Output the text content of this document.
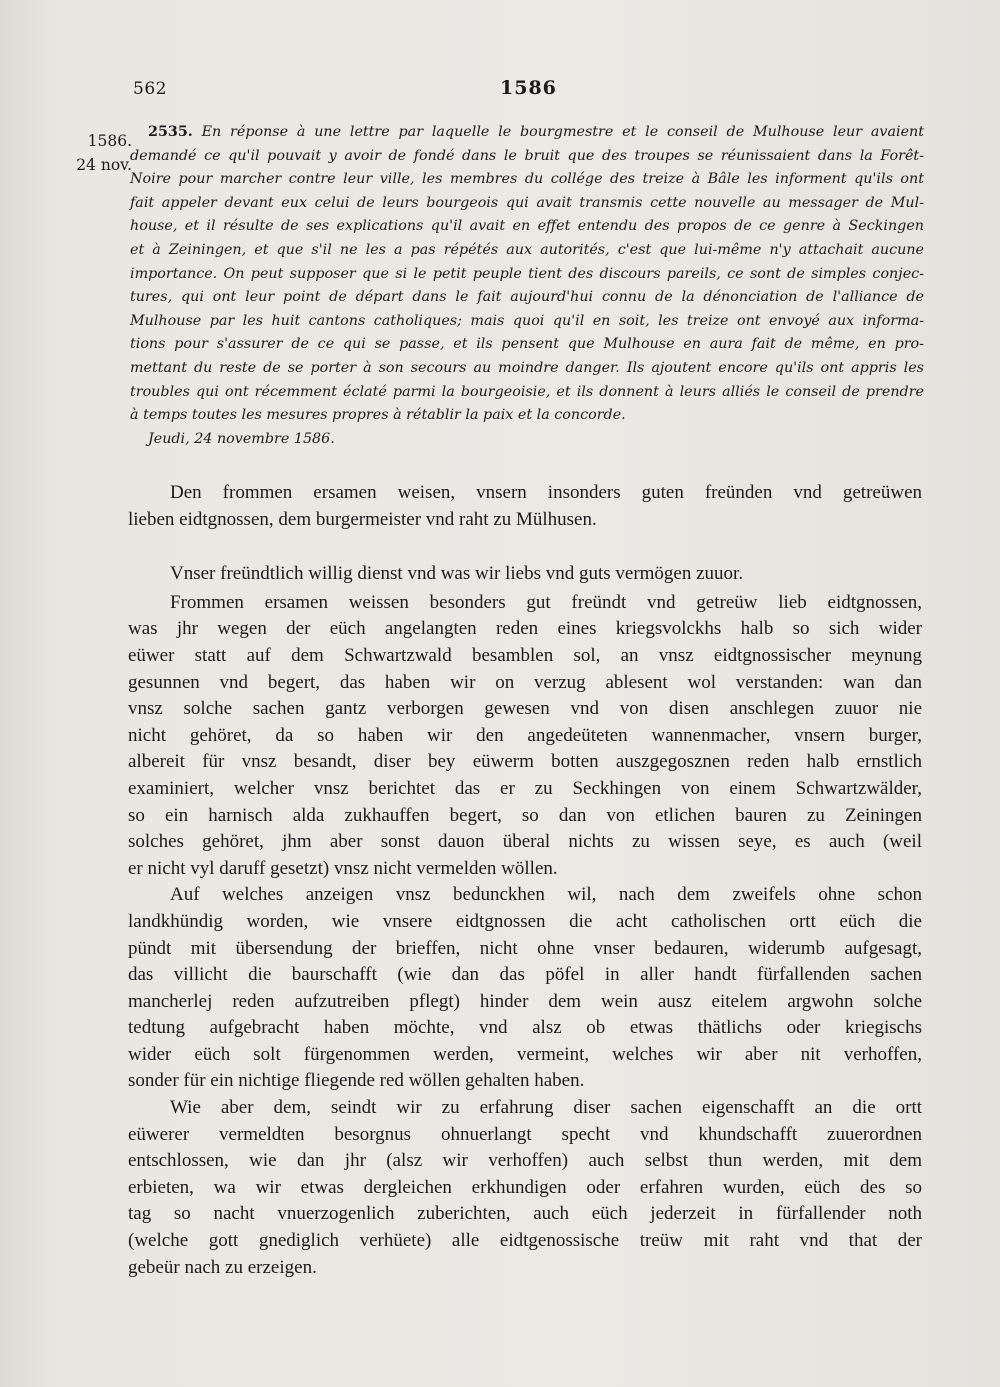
562	1586
1586.
24 nov.
2535. En réponse à une lettre par laquelle le bourgmestre et le conseil de Mulhouse leur avaient
demandé ce qu'il pouvait y avoir de fondé dans le bruit que des troupes se réunissaient dans la Forêt-
Noire pour marcher contre leur ville, les membres du collége des treize à Bâle les informent qu'ils ont
fait appeler devant eux celui de leurs bourgeois qui avait transmis cette nouvelle au messager de Mul-
house, et il résulte de ses explications qu'il avait en effet entendu des propos de ce genre à Seckingen
et à Zeiningen, et que s'il ne les a pas répétés aux autorités, c'est que lui-même n'y attachait aucune
importance. On peut supposer que si le petit peuple tient des discours pareils, ce sont de simples conjec-
tures, qui ont leur point de départ dans le fait aujourd'hui connu de la dénonciation de l'alliance de
Mulhouse par les huit cantons catholiques; mais quoi qu'il en soit, les treize ont envoyé aux informa-
tions pour s'assurer de ce qui se passe, et ils pensent que Mulhouse en aura fait de même, en pro-
mettant du reste de se porter à son secours au moindre danger. Ils ajoutent encore qu'ils ont appris les
troubles qui ont récemment éclaté parmi la bourgeoisie, et ils donnent à leurs alliés le conseil de prendre
à temps toutes les mesures propres à rétablir la paix et la concorde.
Jeudi, 24 novembre 1586.
Den frommen ersamen weisen, vnsern insonders guten freünden vnd getreüwen
lieben eidtgnossen, dem burgermeister vnd raht zu Mülhusen.
Vnser freündtlich willig dienst vnd was wir liebs vnd guts vermögen zuuor.
Frommen ersamen weissen besonders gut freündt vnd getreüw lieb eidtgnossen,
was jhr wegen der eüch angelangten reden eines kriegsvolckhs halb so sich wider
eüwer statt auf dem Schwartzwald besamblen sol, an vnsz eidtgnossischer meynung
gesunnen vnd begert, das haben wir on verzug ablesent wol verstanden: wan dan
vnsz solche sachen gantz verborgen gewesen vnd von disen anschlegen zuuor nie
nicht gehöret, da so haben wir den angedeüteten wannenmacher, vnsern burger,
albereit für vnsz besandt, diser bey eüwerm botten auszgegosznen reden halb ernstlich
examiniert, welcher vnsz berichtet das er zu Seckhingen von einem Schwartzwälder,
so ein harnisch alda zukhauffen begert, so dan von etlichen bauren zu Zeiningen
solches gehöret, jhm aber sonst dauon überal nichts zu wissen seye, es auch (weil
er nicht vyl daruff gesetzt) vnsz nicht vermelden wöllen.
Auf welches anzeigen vnsz bedunckhen wil, nach dem zweifels ohne schon
landkhündig worden, wie vnsere eidtgnossen die acht catholischen ortt eüch die
pündt mit übersendung der brieffen, nicht ohne vnser bedauren, widerumb aufgesagt,
das villicht die baurschafft (wie dan das pöfel in aller handt fürfallenden sachen
mancherlej reden aufzutreiben pflegt) hinder dem wein ausz eitelem argwohn solche
tedtung aufgebracht haben möchte, vnd alsz ob etwas thätlichs oder kriegischs
wider eüch solt fürgenommen werden, vermeint, welches wir aber nit verhoffen,
sonder für ein nichtige fliegende red wöllen gehalten haben.
Wie aber dem, seindt wir zu erfahrung diser sachen eigenschafft an die ortt
eüwerer vermeldten besorgnus ohnuerlangt specht vnd khundschafft zuuerordnen
entschlossen, wie dan jhr (alsz wir verhoffen) auch selbst thun werden, mit dem
erbieten, wa wir etwas dergleichen erkhundigen oder erfahren wurden, eüch des so
tag so nacht vnuerzogenlich zuberichten, auch eüch jederzeit in fürfallender noth
(welche gott gnediglich verhüete) alle eidtgenossische treüw mit raht vnd that der
gebeür nach zu erzeigen.
